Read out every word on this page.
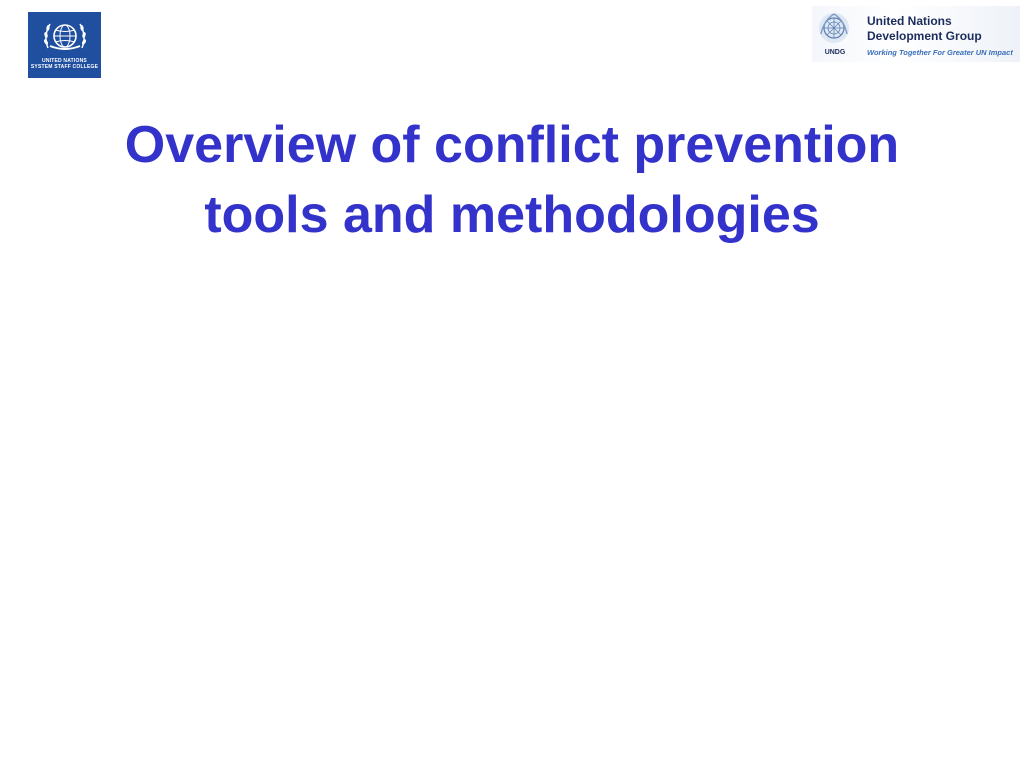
UNITED NATIONS
SYSTEM STAFF COLLEGE
UNDG
United Nations
Development Group
Working Together For Greater UN Impact
Overview of conflict prevention
tools and methodologies
